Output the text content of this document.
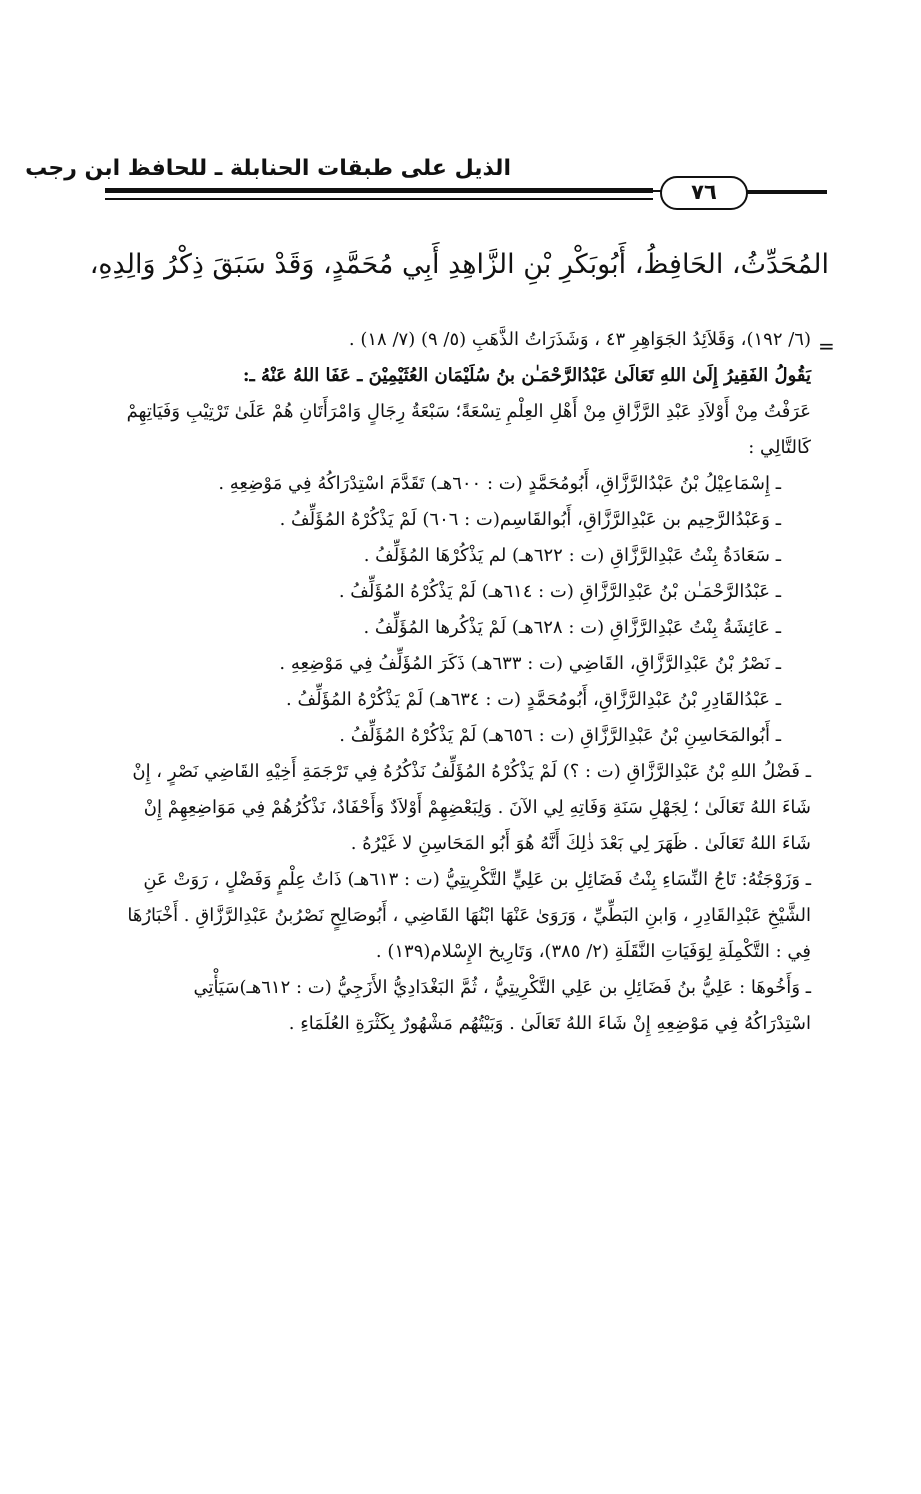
الذيل على طبقات الحنابلة ـ للحافظ ابن رجب
٧٦
المُحَدِّثُ، الحَافِظُ، أَبُوبَكْرِ بْنِ الزَّاهِدِ أَبِي مُحَمَّدٍ، وَقَدْ سَبَقَ ذِكْرُ وَالِدِهِ،
=
(٦/ ١٩٢)، وَقَلاَئِدُ الجَوَاهِرِ ٤٣ ، وَشَذَرَاتُ الذَّهَبِ (٥/ ٩) (٧/ ١٨) .
يَقُولُ الفَقِيرُ إِلَىٰ اللهِ تَعَالَىٰ عَبْدُالرَّحْمَـٰن بنُ سُلَيْمَان العُثَيْمِيْنَ ـ عَفَا اللهُ عَنْهُ ـ:
عَرَفْتُ مِنْ أَوْلاَدِ عَبْدِ الرَّزَّاقِ مِنْ أَهْلِ العِلْمِ تِسْعَةً؛ سَبْعَةُ رِجَالٍ وَامْرَأَتَانِ هُمْ عَلَىٰ تَرْتِيْبِ وَفَيَاتِهِمْ كَالتَّالِي :
ـ إِسْمَاعِيْلُ بْنُ عَبْدُالرَّزَّاقِ، أَبُومُحَمَّدٍ (ت : ٦٠٠هـ) تَقَدَّمَ اسْتِدْرَاكُهُ فِي مَوْضِعِهِ .
ـ وَعَبْدُالرَّحِيم بن عَبْدِالرَّزَّاقِ، أَبُوالقَاسِم(ت : ٦٠٦) لَمْ يَذْكُرْهُ المُؤَلِّفُ .
ـ سَعَادَةُ بِنْتُ عَبْدِالرَّزَّاقِ (ت : ٦٢٢هـ) لم يَذْكُرْهَا المُؤَلِّفُ .
ـ عَبْدُالرَّحْمَـٰن بْنُ عَبْدِالرَّزَّاقِ (ت : ٦١٤هـ) لَمْ يَذْكُرْهُ المُؤَلِّفُ .
ـ عَائِشَةُ بِنْتُ عَبْدِالرَّزَّاقِ (ت : ٦٢٨هـ) لَمْ يَذْكُرها المُؤَلِّفُ .
ـ نَصْرُ بْنُ عَبْدِالرَّزَّاقِ، القَاضِي (ت : ٦٣٣هـ) ذَكَرَ المُؤَلِّفُ فِي مَوْضِعِهِ .
ـ عَبْدُالقَادِرِ بْنُ عَبْدِالرَّزَّاقِ، أَبُومُحَمَّدٍ (ت : ٦٣٤هـ) لَمْ يَذْكُرْهُ المُؤَلِّفُ .
ـ أَبُوالمَحَاسِنِ بْنُ عَبْدِالرَّزَّاقِ (ت : ٦٥٦هـ) لَمْ يَذْكُرْهُ المُؤَلِّفُ .
ـ فَضْلُ اللهِ بْنُ عَبْدِالرَّزَّاقِ (ت : ؟) لَمْ يَذْكُرْهُ المُؤَلِّفُ نَذْكُرُهُ فِي تَرْجَمَةِ أَخِيْهِ القَاضِي نَصْرٍ ، إِنْ شَاءَ اللهُ تَعَالَىٰ ؛ لِجَهْلِ سَنَةِ وَفَاتِهِ لِي الآنَ . وَلِبَعْضِهِمْ أَوْلاَدٌ وَأَحْفَادٌ، نَذْكُرُهُمْ فِي مَوَاضِعِهِمْ إِنْ شَاءَ اللهُ تَعَالَىٰ . ظَهَرَ لِي بَعْدَ ذٰلِكَ أَنَّهُ هُوَ أَبُو المَحَاسِنِ لا غَيْرُهُ .
ـ وَزَوْجَتُهُ: تَاجُ النِّسَاءِ بِنْتُ فَضَائِلِ بن عَلِيٍّ التَّكْرِيتِيُّ (ت : ٦١٣هـ) ذَاتُ عِلْمٍ وَفَضْلٍ ، رَوَتْ عَنِ الشَّيْخِ عَبْدِالقَادِرِ ، وَابنِ البَطِّيِّ ، وَرَوَىٰ عَنْهَا ابْنُهَا القَاضِي ، أَبُوصَالِحٍ نَصْرُبنُ عَبْدِالرَّزَّاقِ . أَخْبَارُهَا فِي : التَّكْمِلَةِ لِوَفَيَاتِ النَّقَلَةِ (٢/ ٣٨٥)، وَتَارِيخ الإِسْلام(١٣٩) .
ـ وَأَخُوهَا : عَلِيُّ بنُ فَضَائِلِ بن عَلِي التَّكْرِيتِيُّ ، ثُمَّ البَغْدَادِيُّ الأَزَجِيُّ (ت : ٦١٢هـ)سَيَأْتِي اسْتِدْرَاكُهُ فِي مَوْضِعِهِ إِنْ شَاءَ اللهُ تَعَالَىٰ . وَبَيْتُهُم مَشْهُورٌ بِكَثْرَةِ العُلَمَاءِ .
